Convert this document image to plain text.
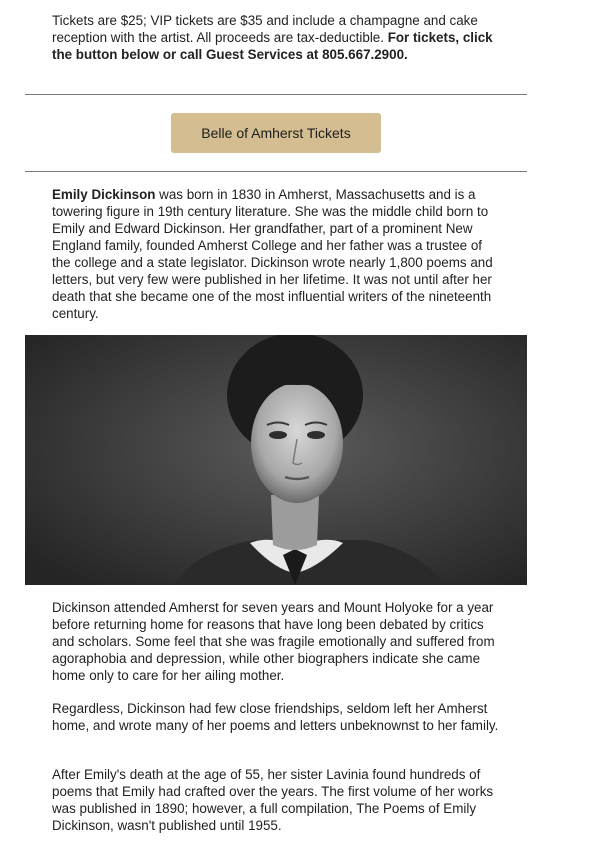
Tickets are $25; VIP tickets are $35 and include a champagne and cake reception with the artist. All proceeds are tax-deductible. For tickets, click the button below or call Guest Services at 805.667.2900.

Belle of Amherst Tickets

Emily Dickinson was born in 1830 in Amherst, Massachusetts and is a towering figure in 19th century literature. She was the middle child born to Emily and Edward Dickinson. Her grandfather, part of a prominent New England family, founded Amherst College and her father was a trustee of the college and a state legislator. Dickinson wrote nearly 1,800 poems and letters, but very few were published in her lifetime. It was not until after her death that she became one of the most influential writers of the nineteenth century.

Dickinson attended Amherst for seven years and Mount Holyoke for a year before returning home for reasons that have long been debated by critics and scholars. Some feel that she was fragile emotionally and suffered from agoraphobia and depression, while other biographers indicate she came home only to care for her ailing mother.

Regardless, Dickinson had few close friendships, seldom left her Amherst home, and wrote many of her poems and letters unbeknownst to her family.

After Emily's death at the age of 55, her sister Lavinia found hundreds of poems that Emily had crafted over the years. The first volume of her works was published in 1890; however, a full compilation, The Poems of Emily Dickinson, wasn't published until 1955.
